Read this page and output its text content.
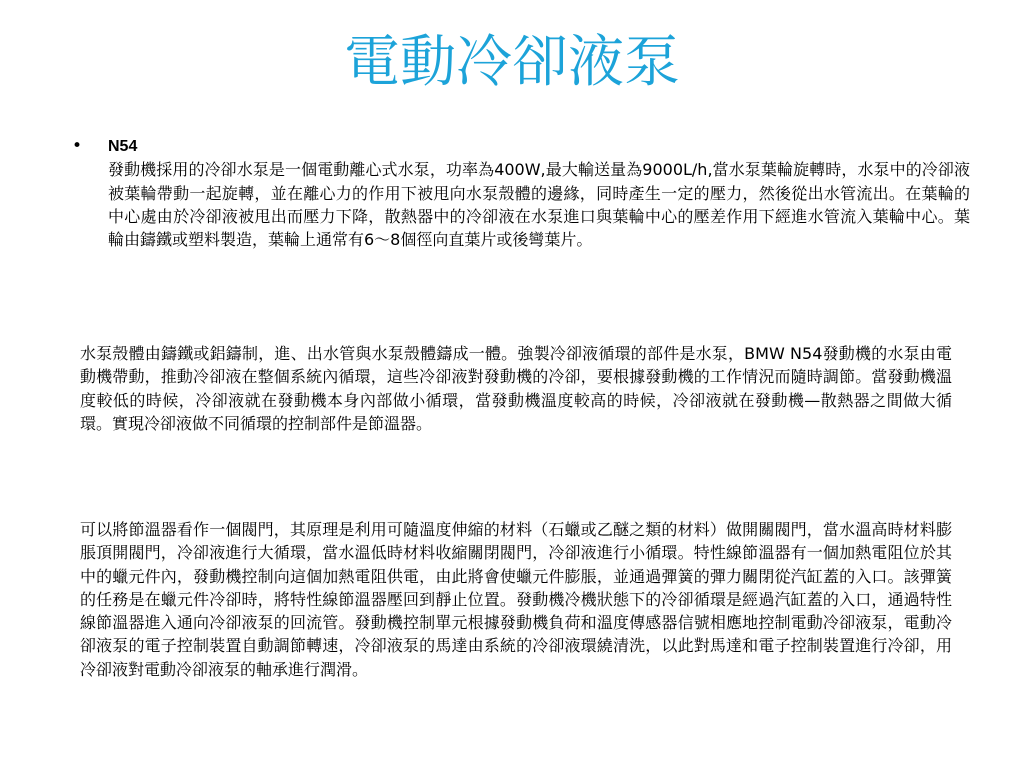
電動冷卻液泵
• N54
發動機採用的冷卻水泵是一個電動離心式水泵，功率為400W,最大輸送量為9000L/h,當水泵葉輪旋轉時，水泵中的冷卻液被葉輪帶動一起旋轉，並在離心力的作用下被甩向水泵殼體的邊緣，同時產生一定的壓力，然後從出水管流出。在葉輪的中心處由於冷卻液被甩出而壓力下降，散熱器中的冷卻液在水泵進口與葉輪中心的壓差作用下經進水管流入葉輪中心。葉輪由鑄鐵或塑料製造，葉輪上通常有6～8個徑向直葉片或後彎葉片。
水泵殼體由鑄鐵或鋁鑄制，進、出水管與水泵殼體鑄成一體。強製冷卻液循環的部件是水泵，BMW N54發動機的水泵由電動機帶動，推動冷卻液在整個系統內循環，這些冷卻液對發動機的冷卻，要根據發動機的工作情況而隨時調節。當發動機溫度較低的時候，冷卻液就在發動機本身內部做小循環，當發動機溫度較高的時候，冷卻液就在發動機—散熱器之間做大循環。實現冷卻液做不同循環的控制部件是節溫器。
可以將節溫器看作一個閥門，其原理是利用可隨溫度伸縮的材料（石蠟或乙醚之類的材料）做開關閥門，當水溫高時材料膨脹頂開閥門，冷卻液進行大循環，當水溫低時材料收縮關閉閥門，冷卻液進行小循環。特性線節溫器有一個加熱電阻位於其中的蠟元件內，發動機控制向這個加熱電阻供電，由此將會使蠟元件膨脹，並通過彈簧的彈力關閉從汽缸蓋的入口。該彈簧的任務是在蠟元件冷卻時，將特性線節溫器壓回到靜止位置。發動機冷機狀態下的冷卻循環是經過汽缸蓋的入口，通過特性線節溫器進入通向冷卻液泵的回流管。發動機控制單元根據發動機負荷和溫度傳感器信號相應地控制電動冷卻液泵，電動冷卻液泵的電子控制裝置自動調節轉速，冷卻液泵的馬達由系統的冷卻液環繞清洗，以此對馬達和電子控制裝置進行冷卻，用冷卻液對電動冷卻液泵的軸承進行潤滑。
